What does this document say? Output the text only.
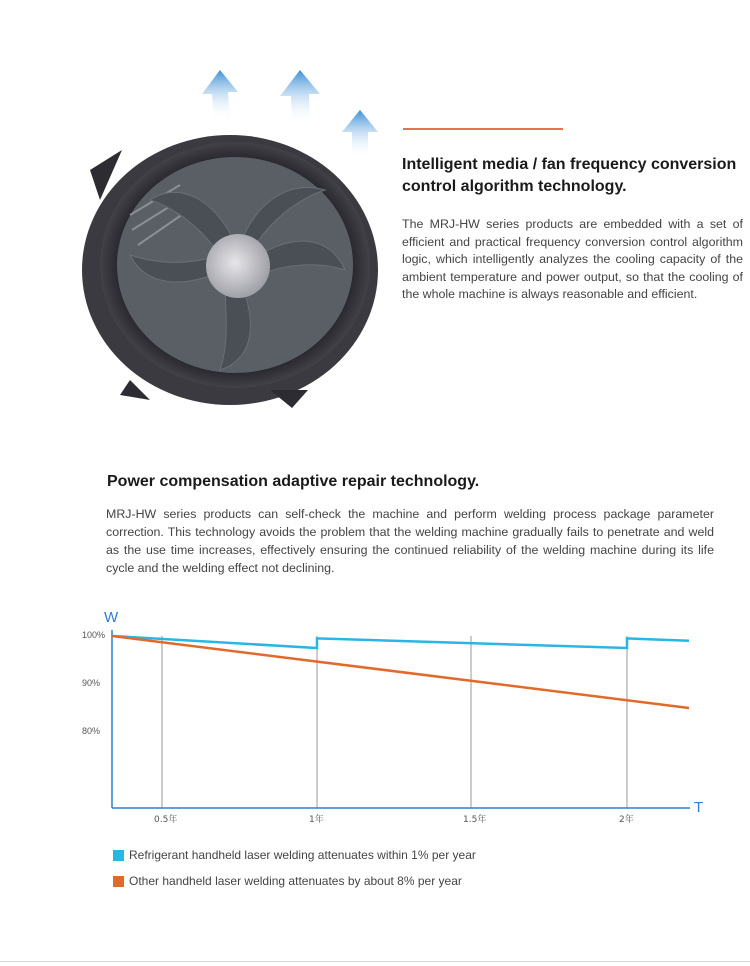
Intelligent media / fan frequency conversion control algorithm technology.
The MRJ-HW series products are embedded with a set of efficient and practical frequency conversion control algorithm logic, which intelligently analyzes the cooling capacity of the ambient temperature and power output, so that the cooling of the whole machine is always reasonable and efficient.
Power compensation adaptive repair technology.
MRJ-HW series products can self-check the machine and perform welding process package parameter correction. This technology avoids the problem that the welding machine gradually fails to penetrate and weld as the use time increases, effectively ensuring the continued reliability of the welding machine during its life cycle and the welding effect not declining.
W
T
100%
90%
80%
0.5年	1年	1.5年	2年
Refrigerant handheld laser welding attenuates within 1% per year
Other handheld laser welding attenuates by about 8% per year
